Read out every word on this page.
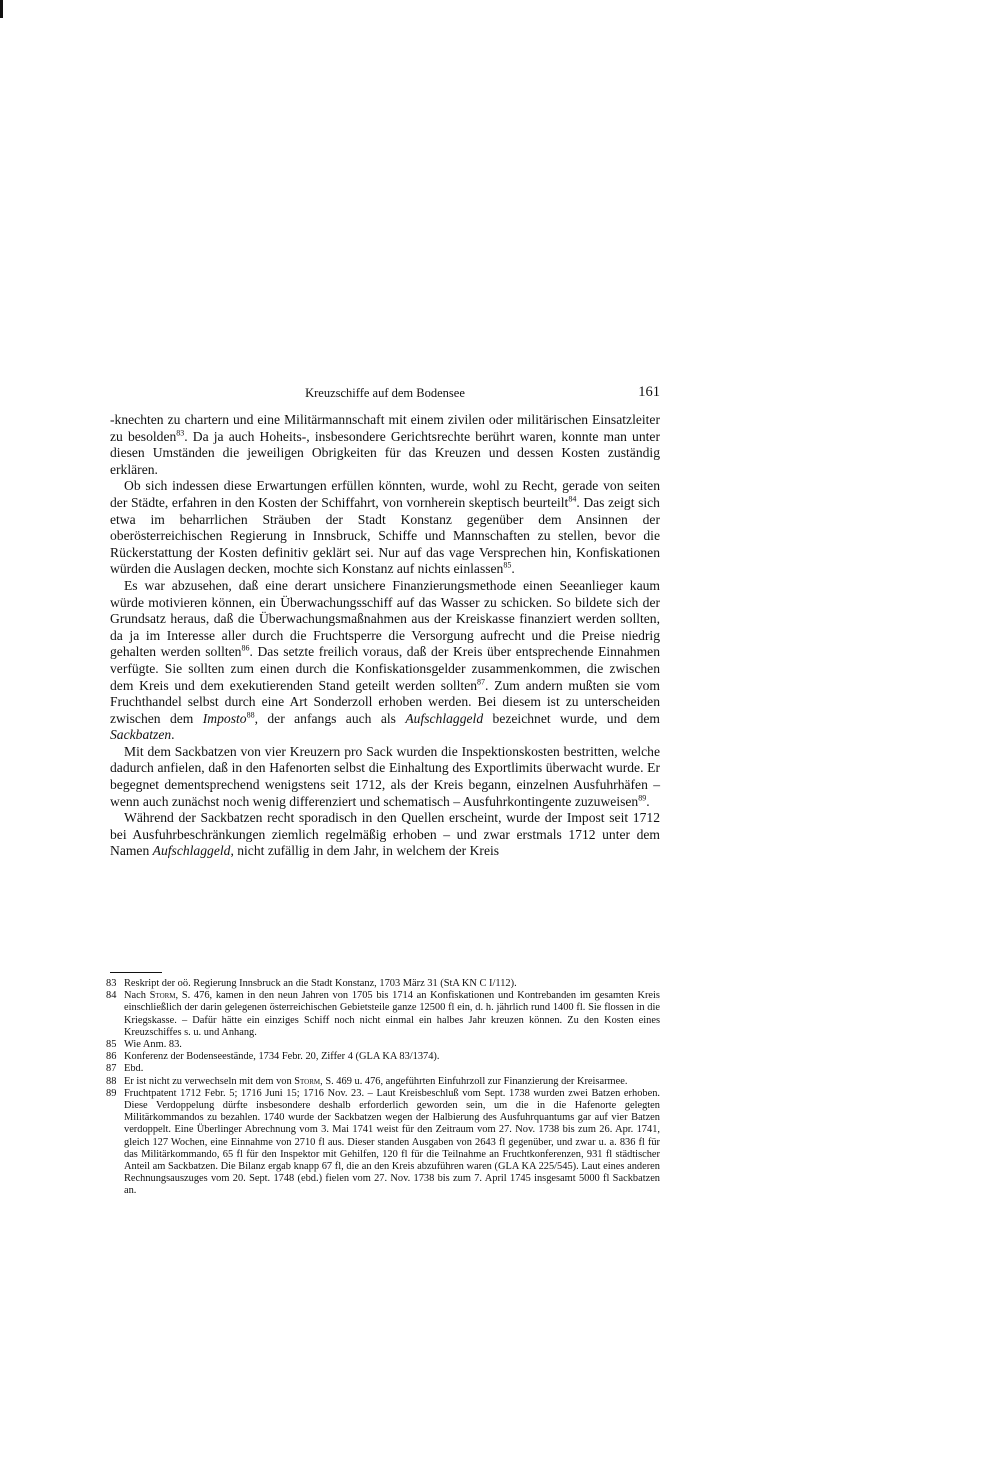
Kreuzschiffe auf dem Bodensee	161

-knechten zu chartern und eine Militärmannschaft mit einem zivilen oder militärischen Einsatzleiter zu besolden$^{83}$. Da ja auch Hoheits-, insbesondere Gerichtsrechte berührt waren, konnte man unter diesen Umständen die jeweiligen Obrigkeiten für das Kreuzen und dessen Kosten zuständig erklären.

Ob sich indessen diese Erwartungen erfüllen könnten, wurde, wohl zu Recht, gerade von seiten der Städte, erfahren in den Kosten der Schiffahrt, von vornherein skeptisch beurteilt$^{84}$. Das zeigt sich etwa im beharrlichen Sträuben der Stadt Konstanz gegenüber dem Ansinnen der oberösterreichischen Regierung in Innsbruck, Schiffe und Mannschaften zu stellen, bevor die Rückerstattung der Kosten definitiv geklärt sei. Nur auf das vage Versprechen hin, Konfiskationen würden die Auslagen decken, mochte sich Konstanz auf nichts einlassen$^{85}$.

Es war abzusehen, daß eine derart unsichere Finanzierungsmethode einen Seeanlieger kaum würde motivieren können, ein Überwachungsschiff auf das Wasser zu schicken. So bildete sich der Grundsatz heraus, daß die Überwachungsmaßnahmen aus der Kreiskasse finanziert werden sollten, da ja im Interesse aller durch die Fruchtsperre die Versorgung aufrecht und die Preise niedrig gehalten werden sollten$^{86}$. Das setzte freilich voraus, daß der Kreis über entsprechende Einnahmen verfügte. Sie sollten zum einen durch die Konfiskationsgelder zusammenkommen, die zwischen dem Kreis und dem exekutierenden Stand geteilt werden sollten$^{87}$. Zum andern mußten sie vom Fruchthandel selbst durch eine Art Sonderzoll erhoben werden. Bei diesem ist zu unterscheiden zwischen dem Imposto$^{88}$, der anfangs auch als Aufschlaggeld bezeichnet wurde, und dem Sackbatzen.

Mit dem Sackbatzen von vier Kreuzern pro Sack wurden die Inspektionskosten bestritten, welche dadurch anfielen, daß in den Hafenorten selbst die Einhaltung des Exportlimits überwacht wurde. Er begegnet dementsprechend wenigstens seit 1712, als der Kreis begann, einzelnen Ausfuhrhäfen – wenn auch zunächst noch wenig differenziert und schematisch – Ausfuhrkontingente zuzuweisen$^{89}$.

Während der Sackbatzen recht sporadisch in den Quellen erscheint, wurde der Impost seit 1712 bei Ausfuhrbeschränkungen ziemlich regelmäßig erhoben – und zwar erstmals 1712 unter dem Namen Aufschlaggeld, nicht zufällig in dem Jahr, in welchem der Kreis

83 Reskript der oö. Regierung Innsbruck an die Stadt Konstanz, 1703 März 31 (StA KN C I/112).
84 Nach Storm, S. 476, kamen in den neun Jahren von 1705 bis 1714 an Konfiskationen und Kontrebanden im gesamten Kreis einschließlich der darin gelegenen österreichischen Gebietsteile ganze 12500 fl ein, d. h. jährlich rund 1400 fl. Sie flossen in die Kriegskasse. – Dafür hätte ein einziges Schiff noch nicht einmal ein halbes Jahr kreuzen können. Zu den Kosten eines Kreuzschiffes s. u. und Anhang.
85 Wie Anm. 83.
86 Konferenz der Bodenseestände, 1734 Febr. 20, Ziffer 4 (GLA KA 83/1374).
87 Ebd.
88 Er ist nicht zu verwechseln mit dem von Storm, S. 469 u. 476, angeführten Einfuhrzoll zur Finanzierung der Kreisarmee.
89 Fruchtpatent 1712 Febr. 5; 1716 Juni 15; 1716 Nov. 23. – Laut Kreisbeschluß vom Sept. 1738 wurden zwei Batzen erhoben. Diese Verdoppelung dürfte insbesondere deshalb erforderlich geworden sein, um die in die Hafenorte gelegten Militärkommandos zu bezahlen. 1740 wurde der Sackbatzen wegen der Halbierung des Ausfuhrquantums gar auf vier Batzen verdoppelt. Eine Überlinger Abrechnung vom 3. Mai 1741 weist für den Zeitraum vom 27. Nov. 1738 bis zum 26. Apr. 1741, gleich 127 Wochen, eine Einnahme von 2710 fl aus. Dieser standen Ausgaben von 2643 fl gegenüber, und zwar u. a. 836 fl für das Militärkommando, 65 fl für den Inspektor mit Gehilfen, 120 fl für die Teilnahme an Fruchtkonferenzen, 931 fl städtischer Anteil am Sackbatzen. Die Bilanz ergab knapp 67 fl, die an den Kreis abzuführen waren (GLA KA 225/545). Laut eines anderen Rechnungsauszuges vom 20. Sept. 1748 (ebd.) fielen vom 27. Nov. 1738 bis zum 7. April 1745 insgesamt 5000 fl Sackbatzen an.
